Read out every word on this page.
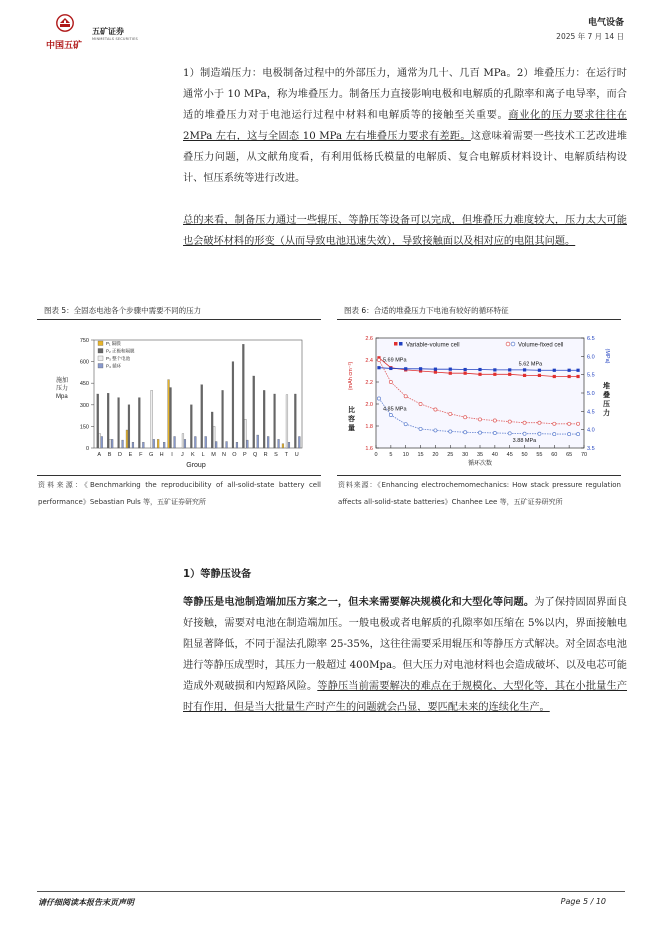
中国五矿
五矿证券
MINMETALS SECURITIES
电气设备
2025 年 7 月 14 日

1）制造端压力：电极制备过程中的外部压力，通常为几十、几百 MPa。2）堆叠压力：在运行时通常小于 10 MPa，称为堆叠压力。制备压力直接影响电极和电解质的孔隙率和离子电导率，而合适的堆叠压力对于电池运行过程中材料和电解质等的接触至关重要。商业化的压力要求往往在 2MPa 左右，这与全固态 10 MPa 左右堆叠压力要求有差距。这意味着需要一些技术工艺改进堆叠压力问题，从文献角度看，有利用低杨氏模量的电解质、复合电解质材料设计、电解质结构设计、恒压系统等进行改进。

总的来看，制备压力通过一些辊压、等静压等设备可以完成，但堆叠压力难度较大，压力太大可能也会破坏材料的形变（从而导致电池迅速失效），导致接触面以及相对应的电阻其问题。

图表 5：全固态电池各个步骤中需要不同的压力
0
150
300
450
600
750
A B D E F G H I J K L M N O P Q R S T U
P₁ 隔膜
P₂ 正极和隔膜
P₃ 整个电池
P₄ 循环
施加压力 Mpa
Group
资料来源：《Benchmarking the reproducibility of all-solid-state battery cell performance》Sebastian Puls 等，五矿证券研究所
图表 6：合适的堆叠压力下电池有较好的循环特征
1.6
1.8
2.0
2.2
2.4
2.6
3.5
4.0
4.5
5.0
5.5
6.0
6.5
0 5 10 15 20 25 30 35 40 45 50 55 60 65 70
循环次数
(mAh cm⁻²)
比
容
量
(MPa)
堆
叠
压
力
Variable-volume cell	Volume-fixed cell
5.69 MPa
5.62 MPa
4.85 MPa
3.88 MPa
资料来源：《Enhancing electrochemomechanics: How stack pressure regulation affects all-solid-state batteries》Chanhee Lee 等，五矿证券研究所
1）等静压设备

等静压是电池制造端加压方案之一，但未来需要解决规模化和大型化等问题。为了保持固固界面良好接触，需要对电池在制造端加压。一般电极或者电解质的孔隙率如压缩在 5%以内，界面接触电阻显著降低，不同于湿法孔隙率 25-35%，这往往需要采用辊压和等静压方式解决。对全固态电池进行等静压成型时，其压力一般超过 400Mpa。但大压力对电池材料也会造成破坏、以及电芯可能造成外观破损和内短路风险。等静压当前需要解决的难点在于规模化、大型化等，其在小批量生产时有作用，但是当大批量生产时产生的问题就会凸显，要匹配未来的连续化生产。

请仔细阅读本报告末页声明	Page 5 / 10
